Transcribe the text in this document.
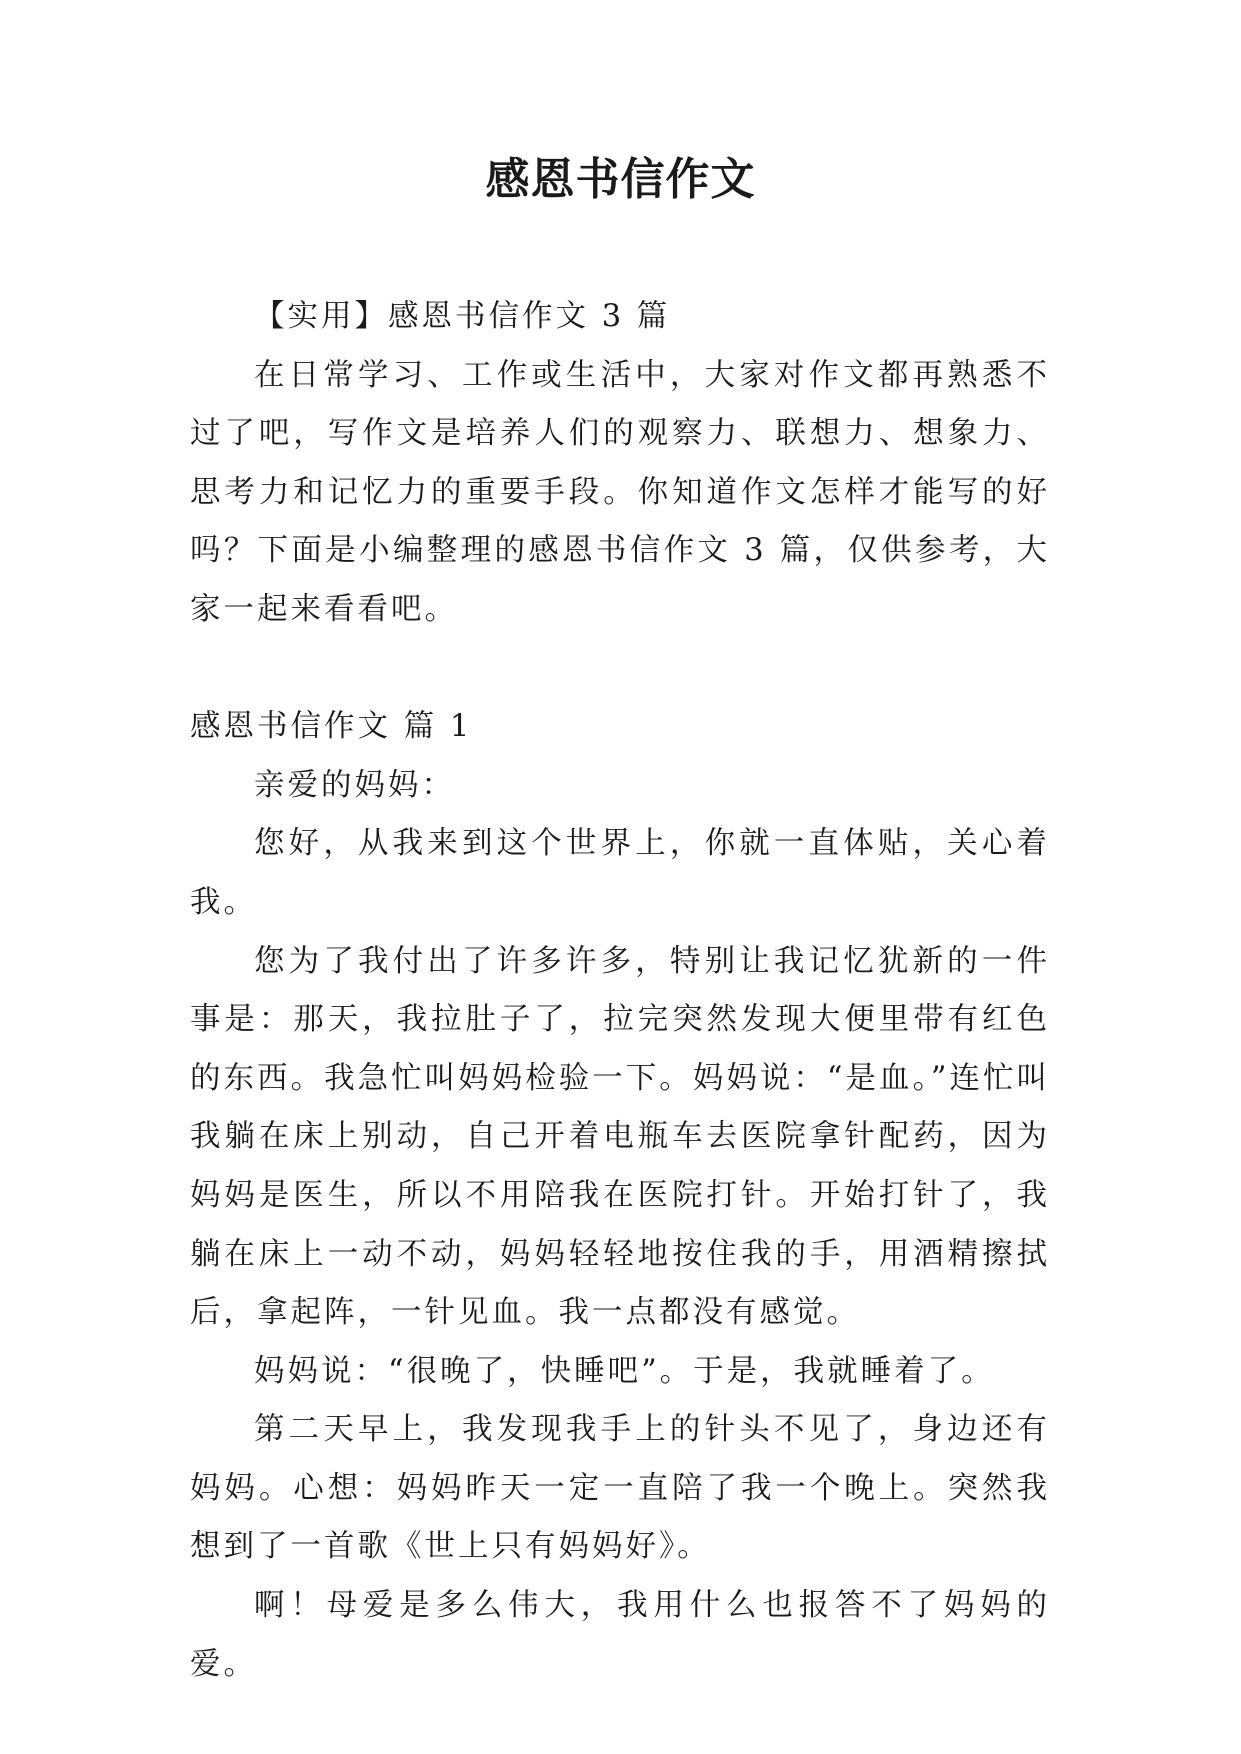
感恩书信作文

【实用】感恩书信作文 3 篇

在日常学习、工作或生活中，大家对作文都再熟悉不过了吧，写作文是培养人们的观察力、联想力、想象力、思考力和记忆力的重要手段。你知道作文怎样才能写的好吗？下面是小编整理的感恩书信作文 3 篇，仅供参考，大家一起来看看吧。

感恩书信作文 篇 1

亲爱的妈妈：

您好，从我来到这个世界上，你就一直体贴，关心着我。

您为了我付出了许多许多，特别让我记忆犹新的一件事是：那天，我拉肚子了，拉完突然发现大便里带有红色的东西。我急忙叫妈妈检验一下。妈妈说：“是血。”连忙叫我躺在床上别动，自己开着电瓶车去医院拿针配药，因为妈妈是医生，所以不用陪我在医院打针。开始打针了，我躺在床上一动不动，妈妈轻轻地按住我的手，用酒精擦拭后，拿起阵，一针见血。我一点都没有感觉。

妈妈说：“很晚了，快睡吧”。于是，我就睡着了。

第二天早上，我发现我手上的针头不见了，身边还有妈妈。心想：妈妈昨天一定一直陪了我一个晚上。突然我想到了一首歌《世上只有妈妈好》。

啊！母爱是多么伟大，我用什么也报答不了妈妈的爱。
